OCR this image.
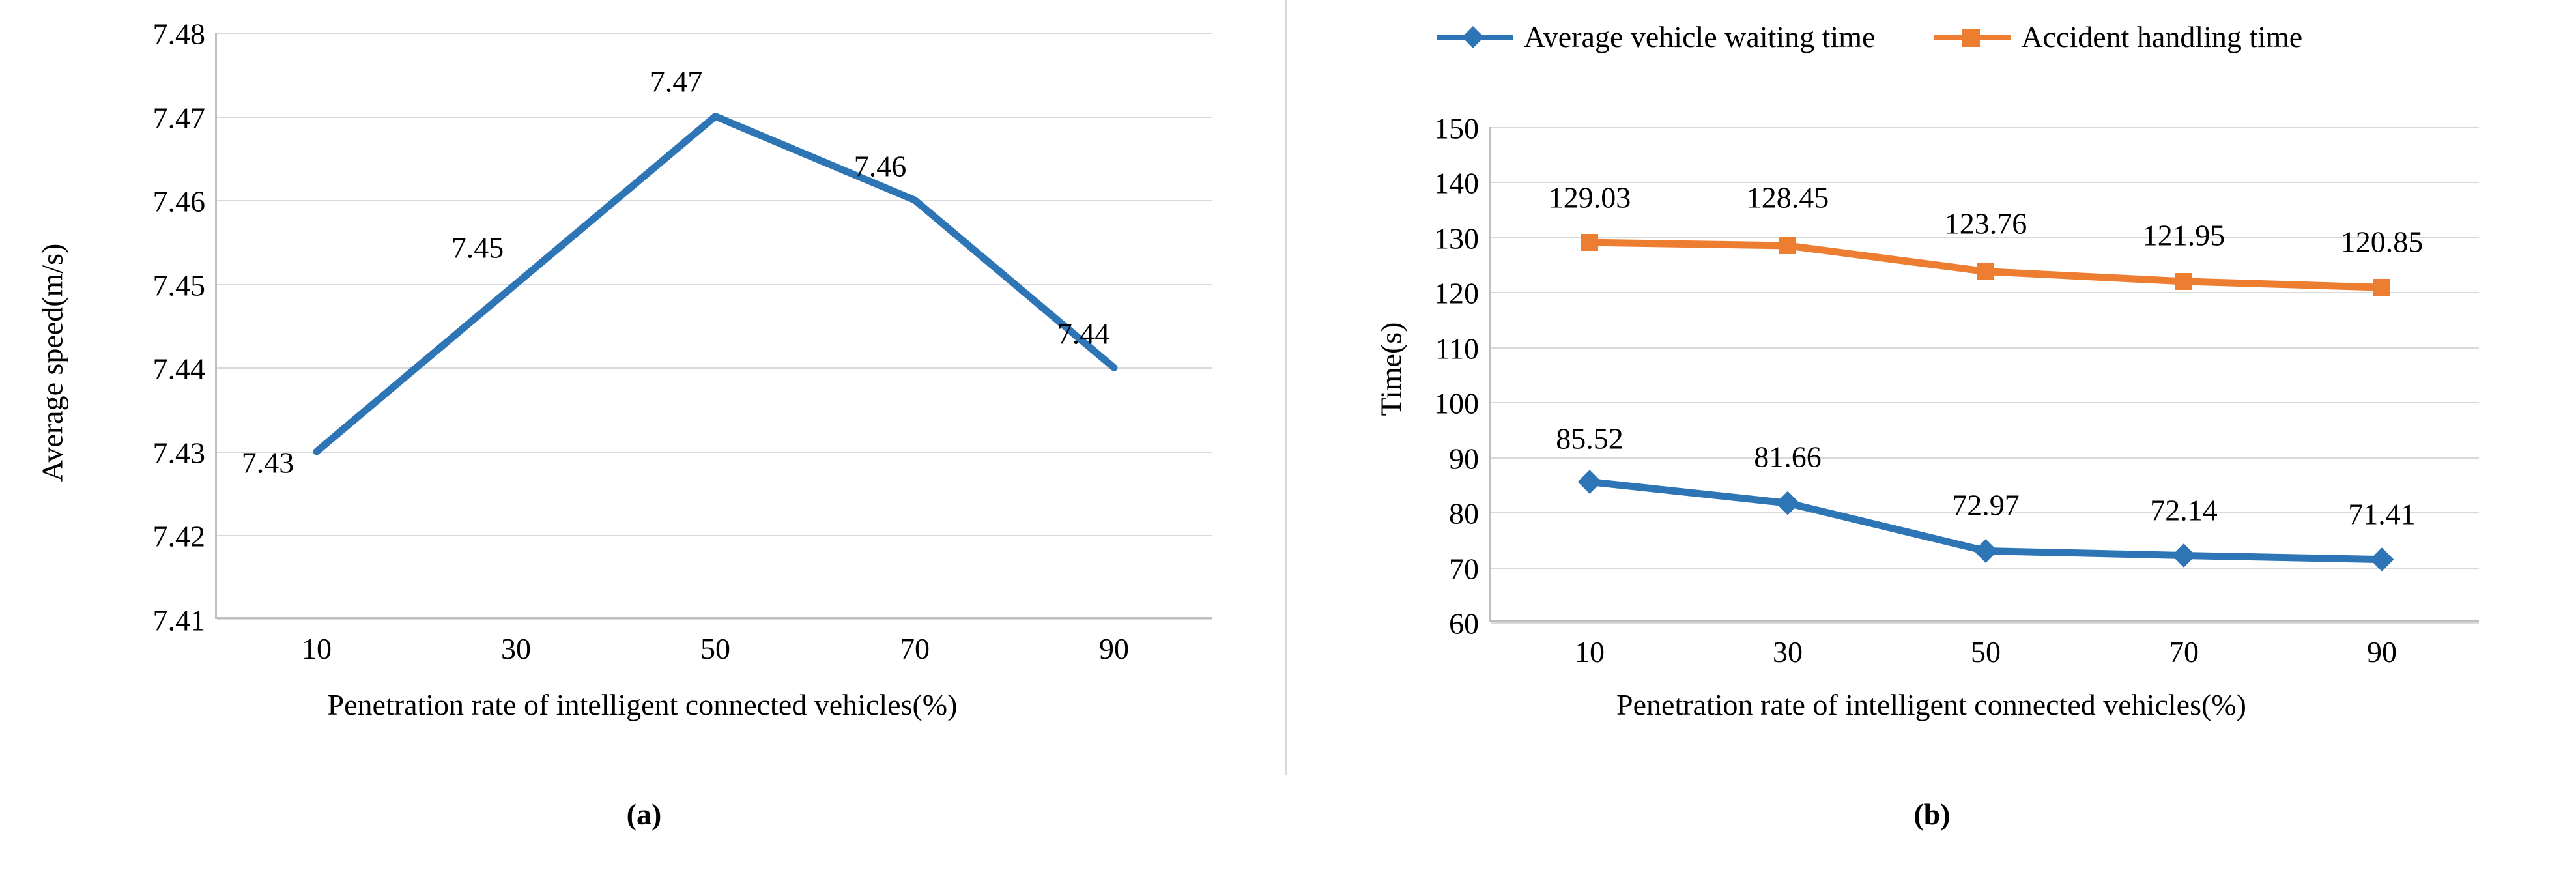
Average speed(m/s)
7.48
7.47
7.46
7.45
7.44
7.43
7.42
7.41
10	30	50	70	90
7.43
7.45
7.47
7.46
7.44
Penetration rate of intelligent connected vehicles(%)
Average vehicle waiting time	Accident handling time
Time(s)
150
140
130
120
110
100
90
80
70
60
10	30	50	70	90
129.03	128.45
123.76	121.95	120.85
85.52
81.66
72.97	72.14	71.41
Penetration rate of intelligent connected vehicles(%)
(a)	(b)
